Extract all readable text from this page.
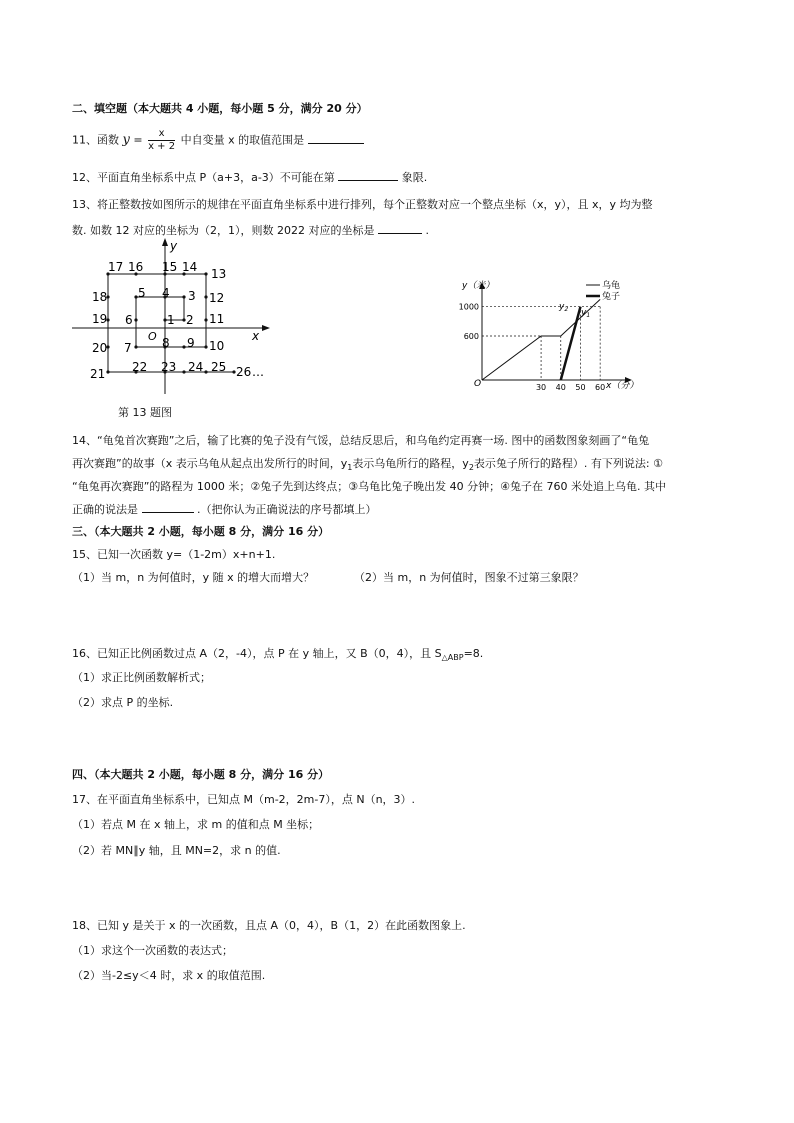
二、填空题（本大题共 4 小题，每小题 5 分，满分 20 分）
11、函数 $y = \frac{x}{x + 2}$ 中自变量 x 的取值范围是
12、平面直角坐标系中点 P（a+3，a-3）不可能在第	象限.
13、将正整数按如图所示的规律在平面直角坐标系中进行排列，每个正整数对应一个整点坐标（x，y），且 x，y 均为整
数. 如数 12 对应的坐标为（2，1），则数 2022 对应的坐标是	.
y
x
O
1 2
3
4
5
6
7	8 9 10
11
12
13
14
15
16
17
18
19
20
21 22 23 24 25 26 …
第 13 题图
1000
600
30 40 50 60
y（米）
x（分）
O
乌龟
兔子
$y_2$ $y_1$
14、“龟兔首次赛跑”之后，输了比赛的兔子没有气馁，总结反思后，和乌龟约定再赛一场. 图中的函数图象刻画了“龟兔
再次赛跑”的故事（x 表示乌龟从起点出发所行的时间，$y_1$表示乌龟所行的路程，$y_2$表示兔子所行的路程）. 有下列说法: ①
“龟兔再次赛跑”的路程为 1000 米；②兔子先到达终点；③乌龟比兔子晚出发 40 分钟；④兔子在 760 米处追上乌龟. 其中
正确的说法是	.（把你认为正确说法的序号都填上）
三、（本大题共 2 小题，每小题 8 分，满分 16 分）
15、已知一次函数 y=（1-2m）x+n+1.
（1）当 m，n 为何值时，y 随 x 的增大而增大？	（2）当 m，n 为何值时，图象不过第三象限？
16、已知正比例函数过点 A（2，-4），点 P 在 y 轴上，又 B（0，4），且 $S_{\triangle ABP}=8$.
（1）求正比例函数解析式；
（2）求点 P 的坐标.
四、（本大题共 2 小题，每小题 8 分，满分 16 分）
17、在平面直角坐标系中，已知点 M（m-2，2m-7），点 N（n，3）.
（1）若点 M 在 x 轴上，求 m 的值和点 M 坐标；
（2）若 MN∥y 轴，且 MN=2，求 n 的值.
18、已知 y 是关于 x 的一次函数，且点 A（0，4），B（1，2）在此函数图象上.
（1）求这个一次函数的表达式；
（2）当-2≤y＜4 时，求 x 的取值范围.
